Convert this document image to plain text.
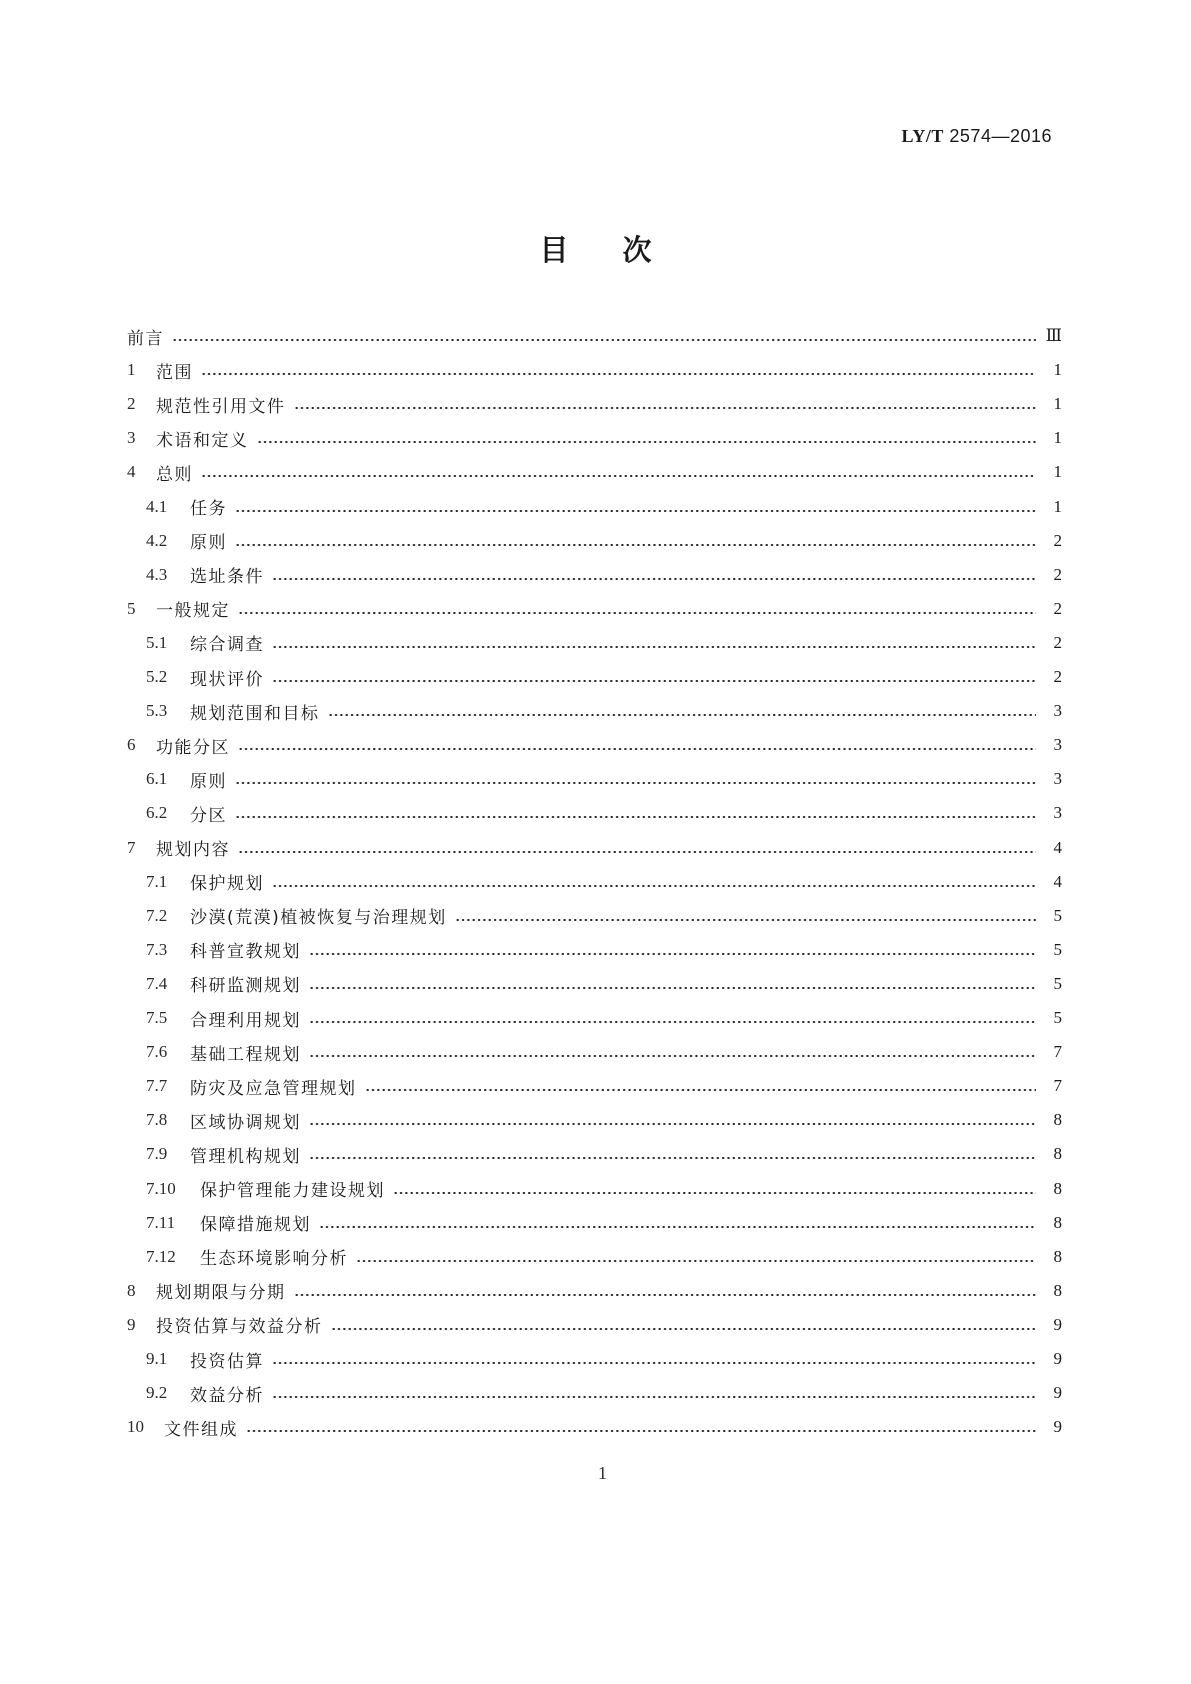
LY/T 2574—2016
目次
前言	Ⅲ
1	范围	1
2	规范性引用文件	1
3	术语和定义	1
4	总则	1
4.1	任务	1
4.2	原则	2
4.3	选址条件	2
5	一般规定	2
5.1	综合调查	2
5.2	现状评价	2
5.3	规划范围和目标	3
6	功能分区	3
6.1	原则	3
6.2	分区	3
7	规划内容	4
7.1	保护规划	4
7.2	沙漠(荒漠)植被恢复与治理规划	5
7.3	科普宣教规划	5
7.4	科研监测规划	5
7.5	合理利用规划	5
7.6	基础工程规划	7
7.7	防灾及应急管理规划	7
7.8	区域协调规划	8
7.9	管理机构规划	8
7.10	保护管理能力建设规划	8
7.11	保障措施规划	8
7.12	生态环境影响分析	8
8	规划期限与分期	8
9	投资估算与效益分析	9
9.1	投资估算	9
9.2	效益分析	9
10	文件组成	9
1
